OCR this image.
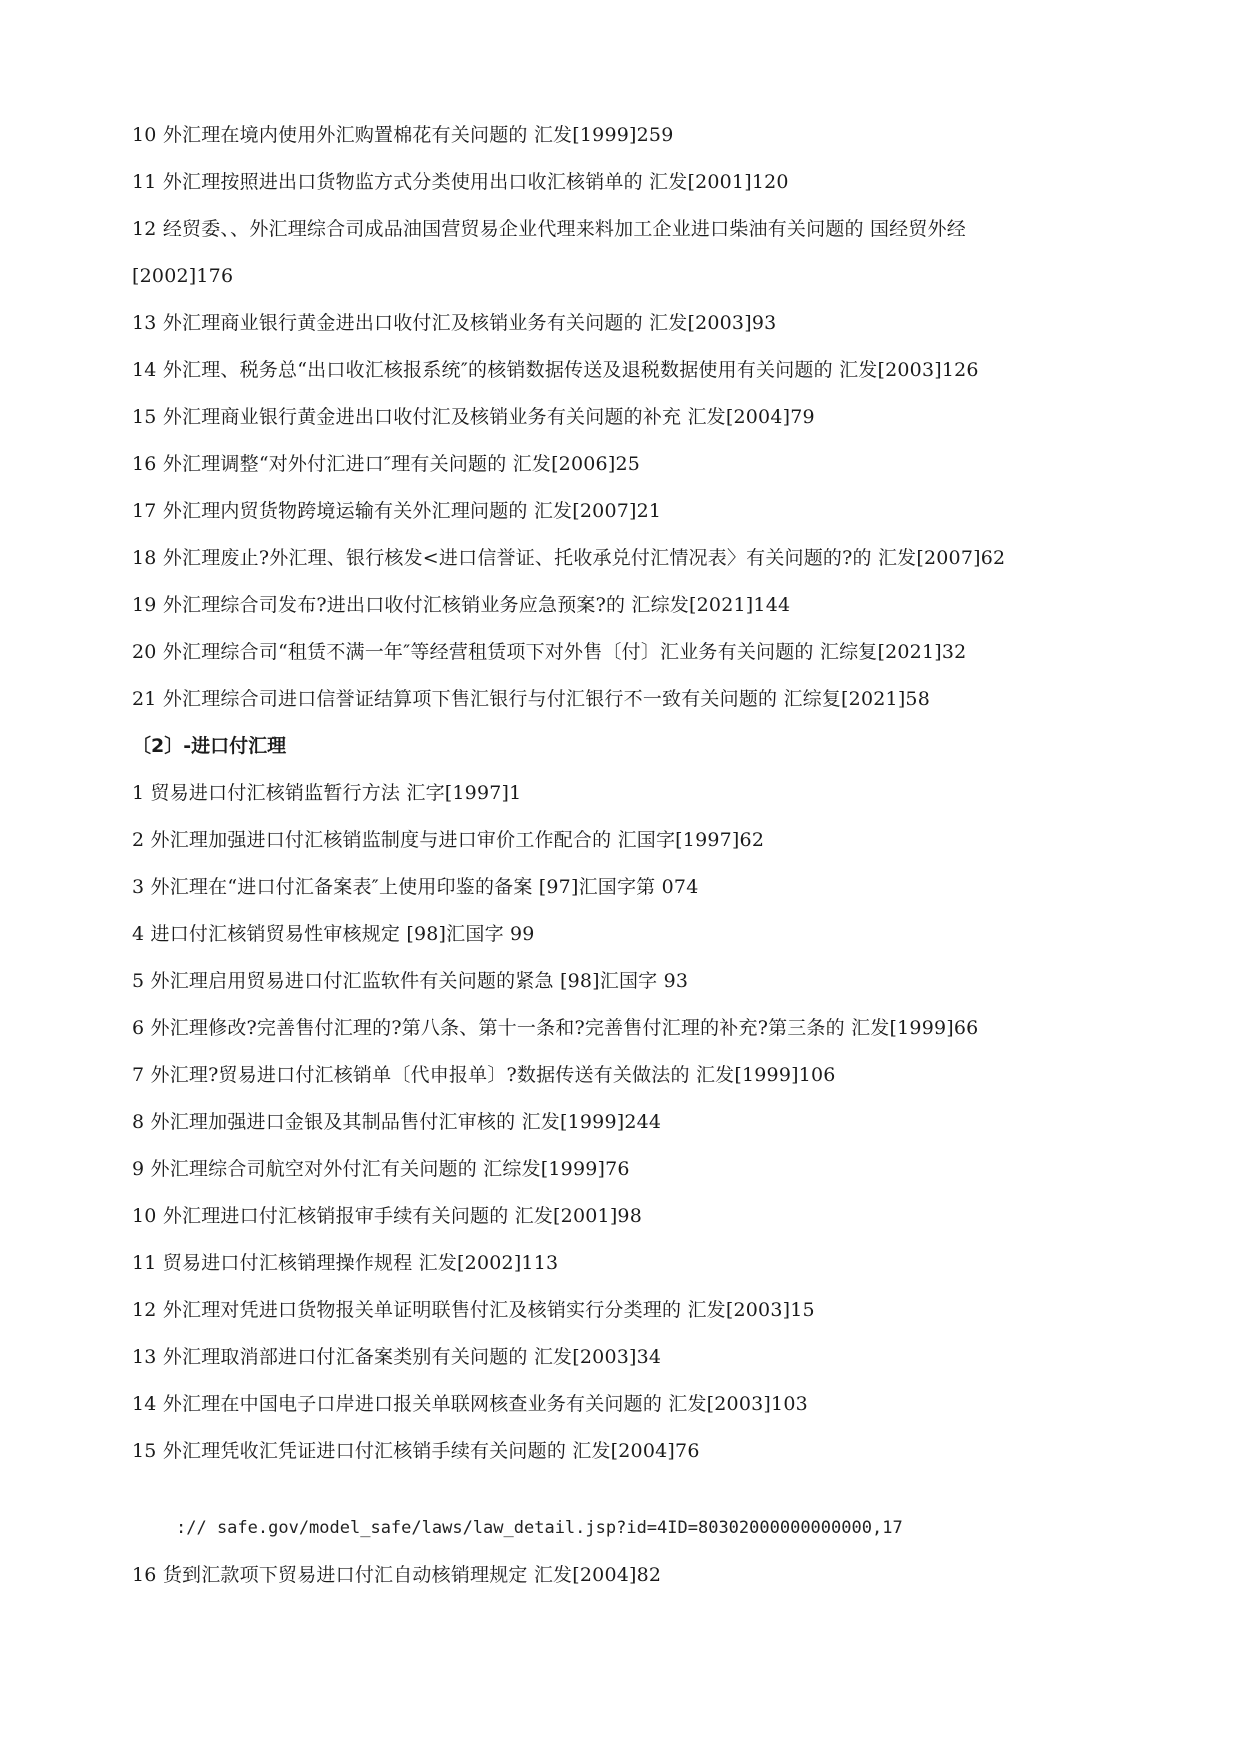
10 外汇理在境内使用外汇购置棉花有关问题的 汇发[1999]259
11 外汇理按照进出口货物监方式分类使用出口收汇核销单的 汇发[2001]120
12 经贸委、、外汇理综合司成品油国营贸易企业代理来料加工企业进口柴油有关问题的 国经贸外经
[2002]176
13 外汇理商业银行黄金进出口收付汇及核销业务有关问题的 汇发[2003]93
14 外汇理、税务总“出口收汇核报系统″的核销数据传送及退税数据使用有关问题的 汇发[2003]126
15 外汇理商业银行黄金进出口收付汇及核销业务有关问题的补充 汇发[2004]79
16 外汇理调整“对外付汇进口″理有关问题的 汇发[2006]25
17 外汇理内贸货物跨境运输有关外汇理问题的 汇发[2007]21
18 外汇理废止?外汇理、银行核发<进口信誉证、托收承兑付汇情况表〉有关问题的?的 汇发[2007]62
19 外汇理综合司发布?进出口收付汇核销业务应急预案?的 汇综发[2021]144
20 外汇理综合司“租赁不满一年″等经营租赁项下对外售〔付〕汇业务有关问题的 汇综复[2021]32
21 外汇理综合司进口信誉证结算项下售汇银行与付汇银行不一致有关问题的 汇综复[2021]58
〔2〕-进口付汇理
1 贸易进口付汇核销监暂行方法 汇字[1997]1
2 外汇理加强进口付汇核销监制度与进口审价工作配合的 汇国字[1997]62
3 外汇理在“进口付汇备案表″上使用印鉴的备案 [97]汇国字第 074
4 进口付汇核销贸易性审核规定 [98]汇国字 99
5 外汇理启用贸易进口付汇监软件有关问题的紧急 [98]汇国字 93
6 外汇理修改?完善售付汇理的?第八条、第十一条和?完善售付汇理的补充?第三条的 汇发[1999]66
7 外汇理?贸易进口付汇核销单〔代申报单〕?数据传送有关做法的 汇发[1999]106
8 外汇理加强进口金银及其制品售付汇审核的 汇发[1999]244
9 外汇理综合司航空对外付汇有关问题的 汇综发[1999]76
10 外汇理进口付汇核销报审手续有关问题的 汇发[2001]98
11 贸易进口付汇核销理操作规程 汇发[2002]113
12 外汇理对凭进口货物报关单证明联售付汇及核销实行分类理的 汇发[2003]15
13 外汇理取消部进口付汇备案类别有关问题的 汇发[2003]34
14 外汇理在中国电子口岸进口报关单联网核查业务有关问题的 汇发[2003]103
15 外汇理凭收汇凭证进口付汇核销手续有关问题的 汇发[2004]76
:// safe.gov/model_safe/laws/law_detail.jsp?id=4ID=80302000000000000,17
16 货到汇款项下贸易进口付汇自动核销理规定 汇发[2004]82
